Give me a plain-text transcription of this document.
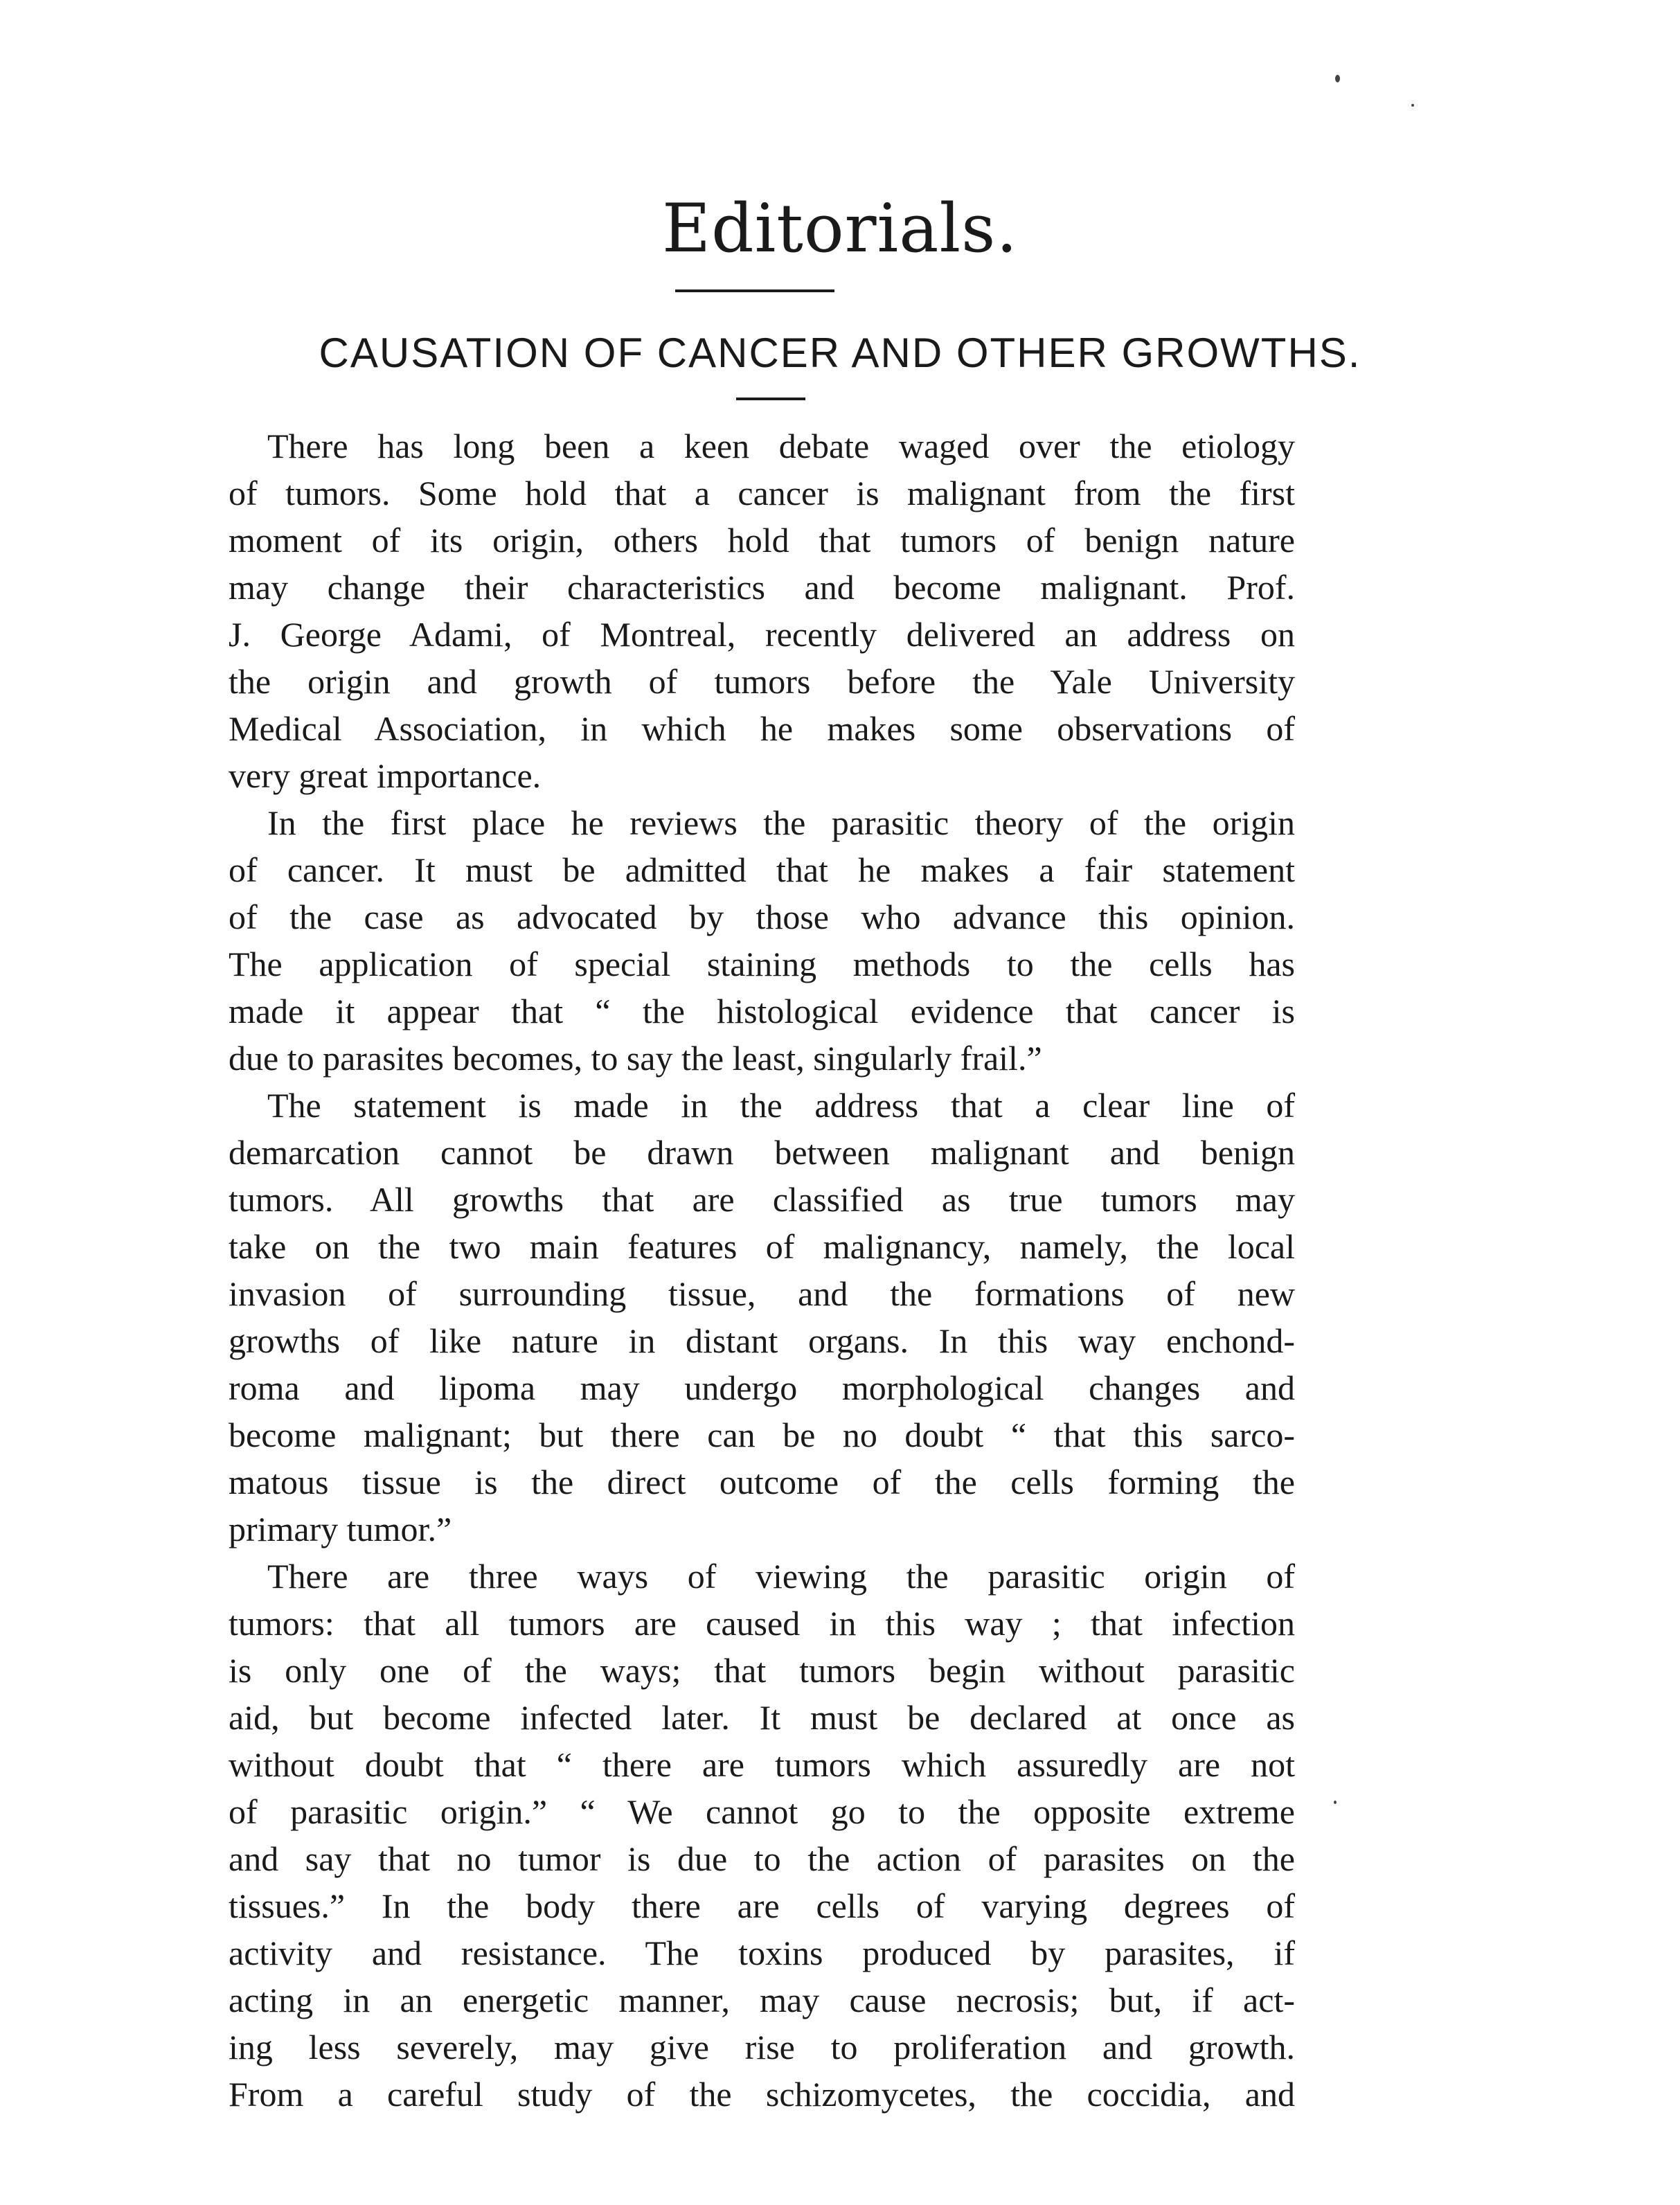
Editorials.
CAUSATION OF CANCER AND OTHER GROWTHS.
There has long been a keen debate waged over the etiology
of tumors. Some hold that a cancer is malignant from the first
moment of its origin, others hold that tumors of benign nature
may change their characteristics and become malignant. Prof.
J. George Adami, of Montreal, recently delivered an address on
the origin and growth of tumors before the Yale University
Medical Association, in which he makes some observations of
very great importance.
In the first place he reviews the parasitic theory of the origin
of cancer. It must be admitted that he makes a fair statement
of the case as advocated by those who advance this opinion.
The application of special staining methods to the cells has
made it appear that “ the histological evidence that cancer is
due to parasites becomes, to say the least, singularly frail.”
The statement is made in the address that a clear line of
demarcation cannot be drawn between malignant and benign
tumors. All growths that are classified as true tumors may
take on the two main features of malignancy, namely, the local
invasion of surrounding tissue, and the formations of new
growths of like nature in distant organs. In this way enchond-
roma and lipoma may undergo morphological changes and
become malignant; but there can be no doubt “ that this sarco-
matous tissue is the direct outcome of the cells forming the
primary tumor.”
There are three ways of viewing the parasitic origin of
tumors: that all tumors are caused in this way ; that infection
is only one of the ways; that tumors begin without parasitic
aid, but become infected later. It must be declared at once as
without doubt that “ there are tumors which assuredly are not
of parasitic origin.” “ We cannot go to the opposite extreme
and say that no tumor is due to the action of parasites on the
tissues.” In the body there are cells of varying degrees of
activity and resistance. The toxins produced by parasites, if
acting in an energetic manner, may cause necrosis; but, if act-
ing less severely, may give rise to proliferation and growth.
From a careful study of the schizomycetes, the coccidia, and
